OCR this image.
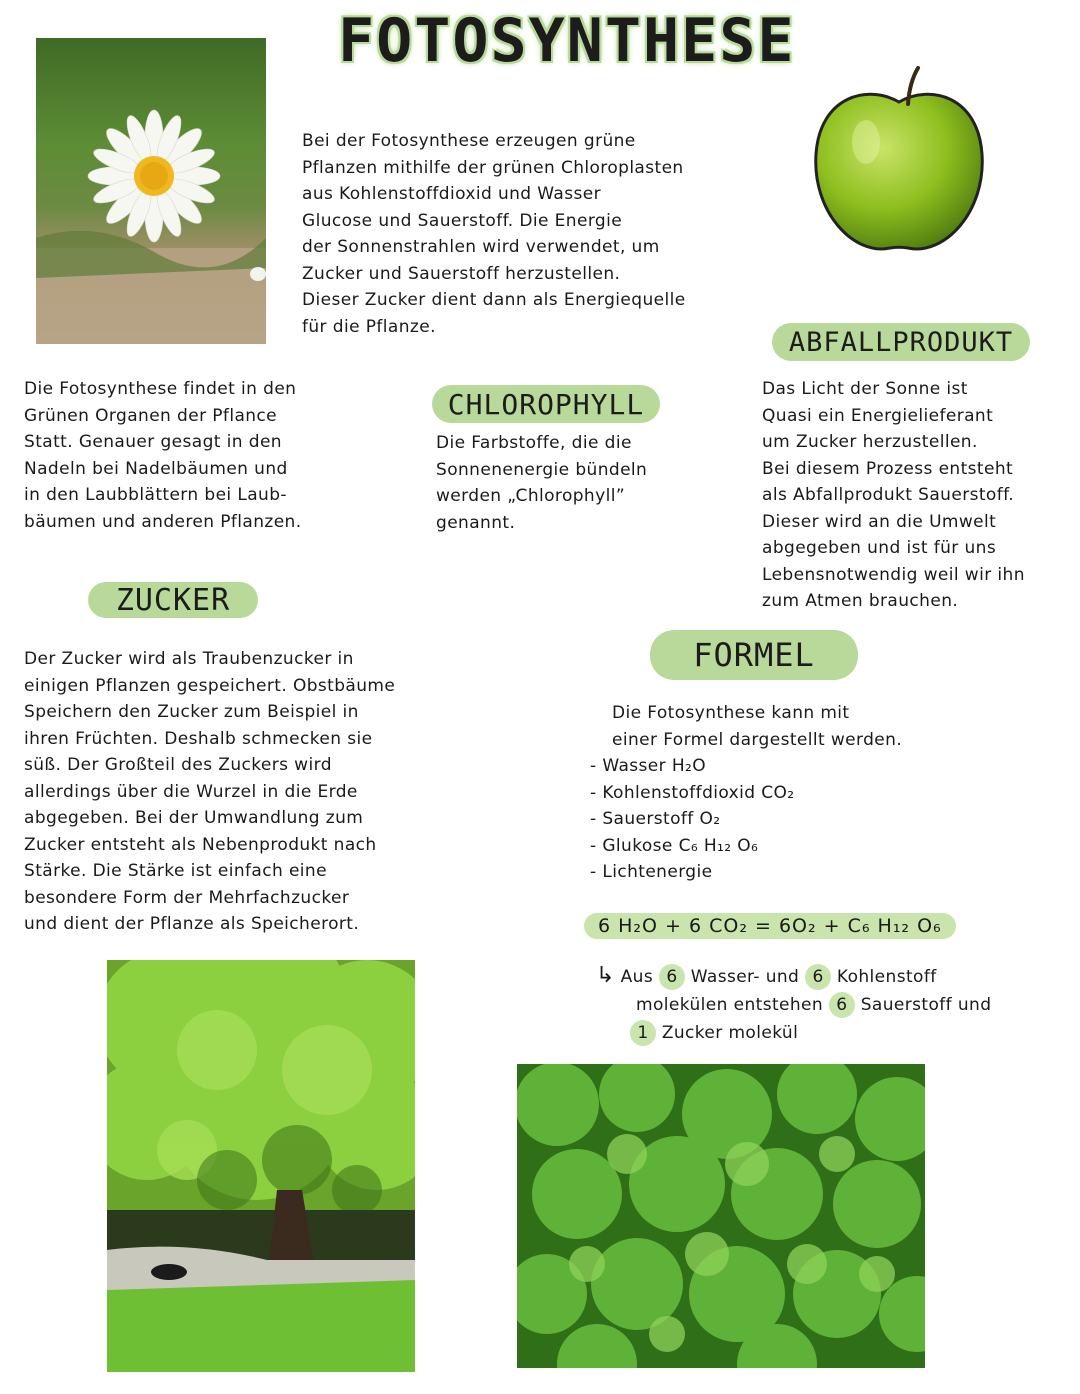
FOTOSYNTHESE

Bei der Fotosynthese erzeugen grüne
Pflanzen mithilfe der grünen Chloroplasten
aus Kohlenstoffdioxid und Wasser
Glucose und Sauerstoff. Die Energie
der Sonnenstrahlen wird verwendet, um
Zucker und Sauerstoff herzustellen.
Dieser Zucker dient dann als Energiequelle
für die Pflanze.

Die Fotosynthese findet in den
Grünen Organen der Pflance
Statt. Genauer gesagt in den
Nadeln bei Nadelbäumen und
in den Laubblättern bei Laub-
bäumen und anderen Pflanzen.

CHLOROPHYLL

Die Farbstoffe, die die
Sonnenenergie bündeln
werden „Chlorophyll”
genannt.

ABFALLPRODUKT

Das Licht der Sonne ist
Quasi ein Energielieferant
um Zucker herzustellen.
Bei diesem Prozess entsteht
als Abfallprodukt Sauerstoff.
Dieser wird an die Umwelt
abgegeben und ist für uns
Lebensnotwendig weil wir ihn
zum Atmen brauchen.

ZUCKER

Der Zucker wird als Traubenzucker in
einigen Pflanzen gespeichert. Obstbäume
Speichern den Zucker zum Beispiel in
ihren Früchten. Deshalb schmecken sie
süß. Der Großteil des Zuckers wird
allerdings über die Wurzel in die Erde
abgegeben. Bei der Umwandlung zum
Zucker entsteht als Nebenprodukt nach
Stärke. Die Stärke ist einfach eine
besondere Form der Mehrfachzucker
und dient der Pflanze als Speicherort.

FORMEL

Die Fotosynthese kann mit
einer Formel dargestellt werden.

- Wasser H₂O
- Kohlenstoffdioxid CO₂
- Sauerstoff O₂
- Glukose C₆ H₁₂ O₆
- Lichtenergie
6 H₂O + 6 CO₂ = 6O₂ + C₆ H₁₂ O₆
↳ Aus 6 Wasser- und 6 Kohlenstoff
molekülen entstehen 6 Sauerstoff und
1 Zucker molekül
